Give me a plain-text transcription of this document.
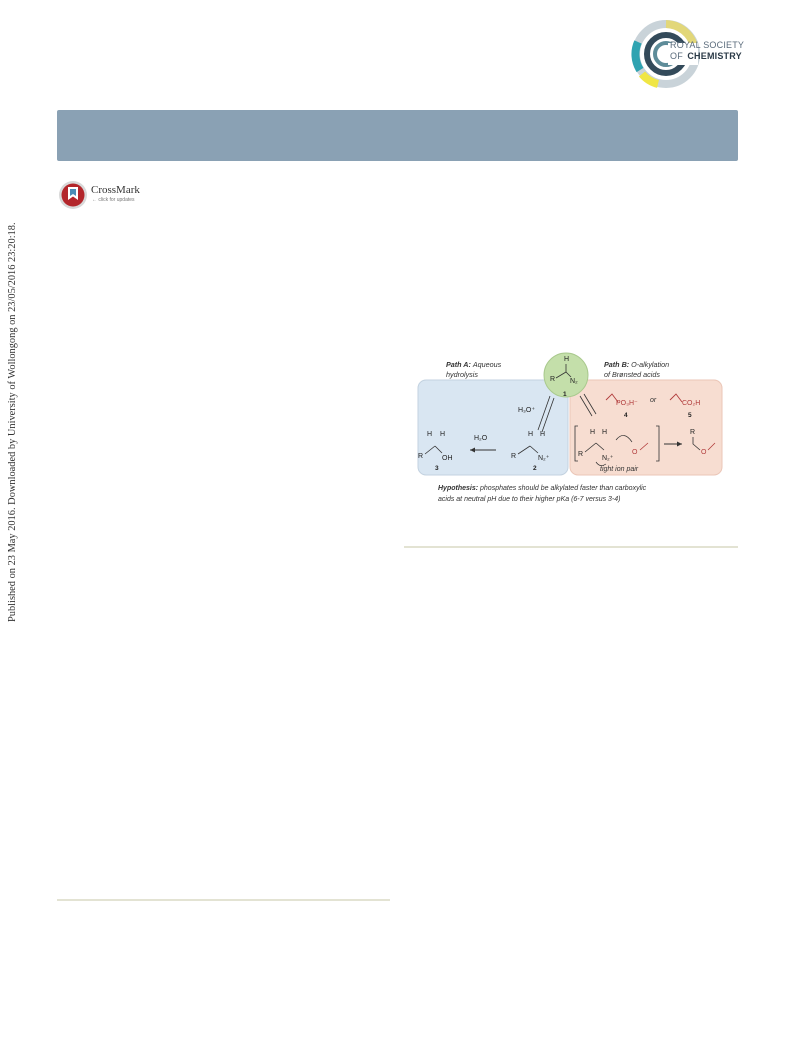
ROYAL SOCIETY
OF CHEMISTRY
CrossMark
← click for updates
Published on 23 May 2016. Downloaded by University of Wollongong on 23/05/2016 23:20:18.	Path A: Aqueous
hydrolysis
Path B: O-alkylation
of Brønsted acids
H
R N₂
1
H₃O⁺
H H
R	N₂⁺
2
H₂O
H H
R	OH
3
PO₃H⁻ or	CO₂H
4	5
H H
R
N₂⁺
O
tight ion pair
R
O
Hypothesis: phosphates should be alkylated faster than carboxylic
acids at neutral pH due to their higher pKa (6-7 versus 3-4)
